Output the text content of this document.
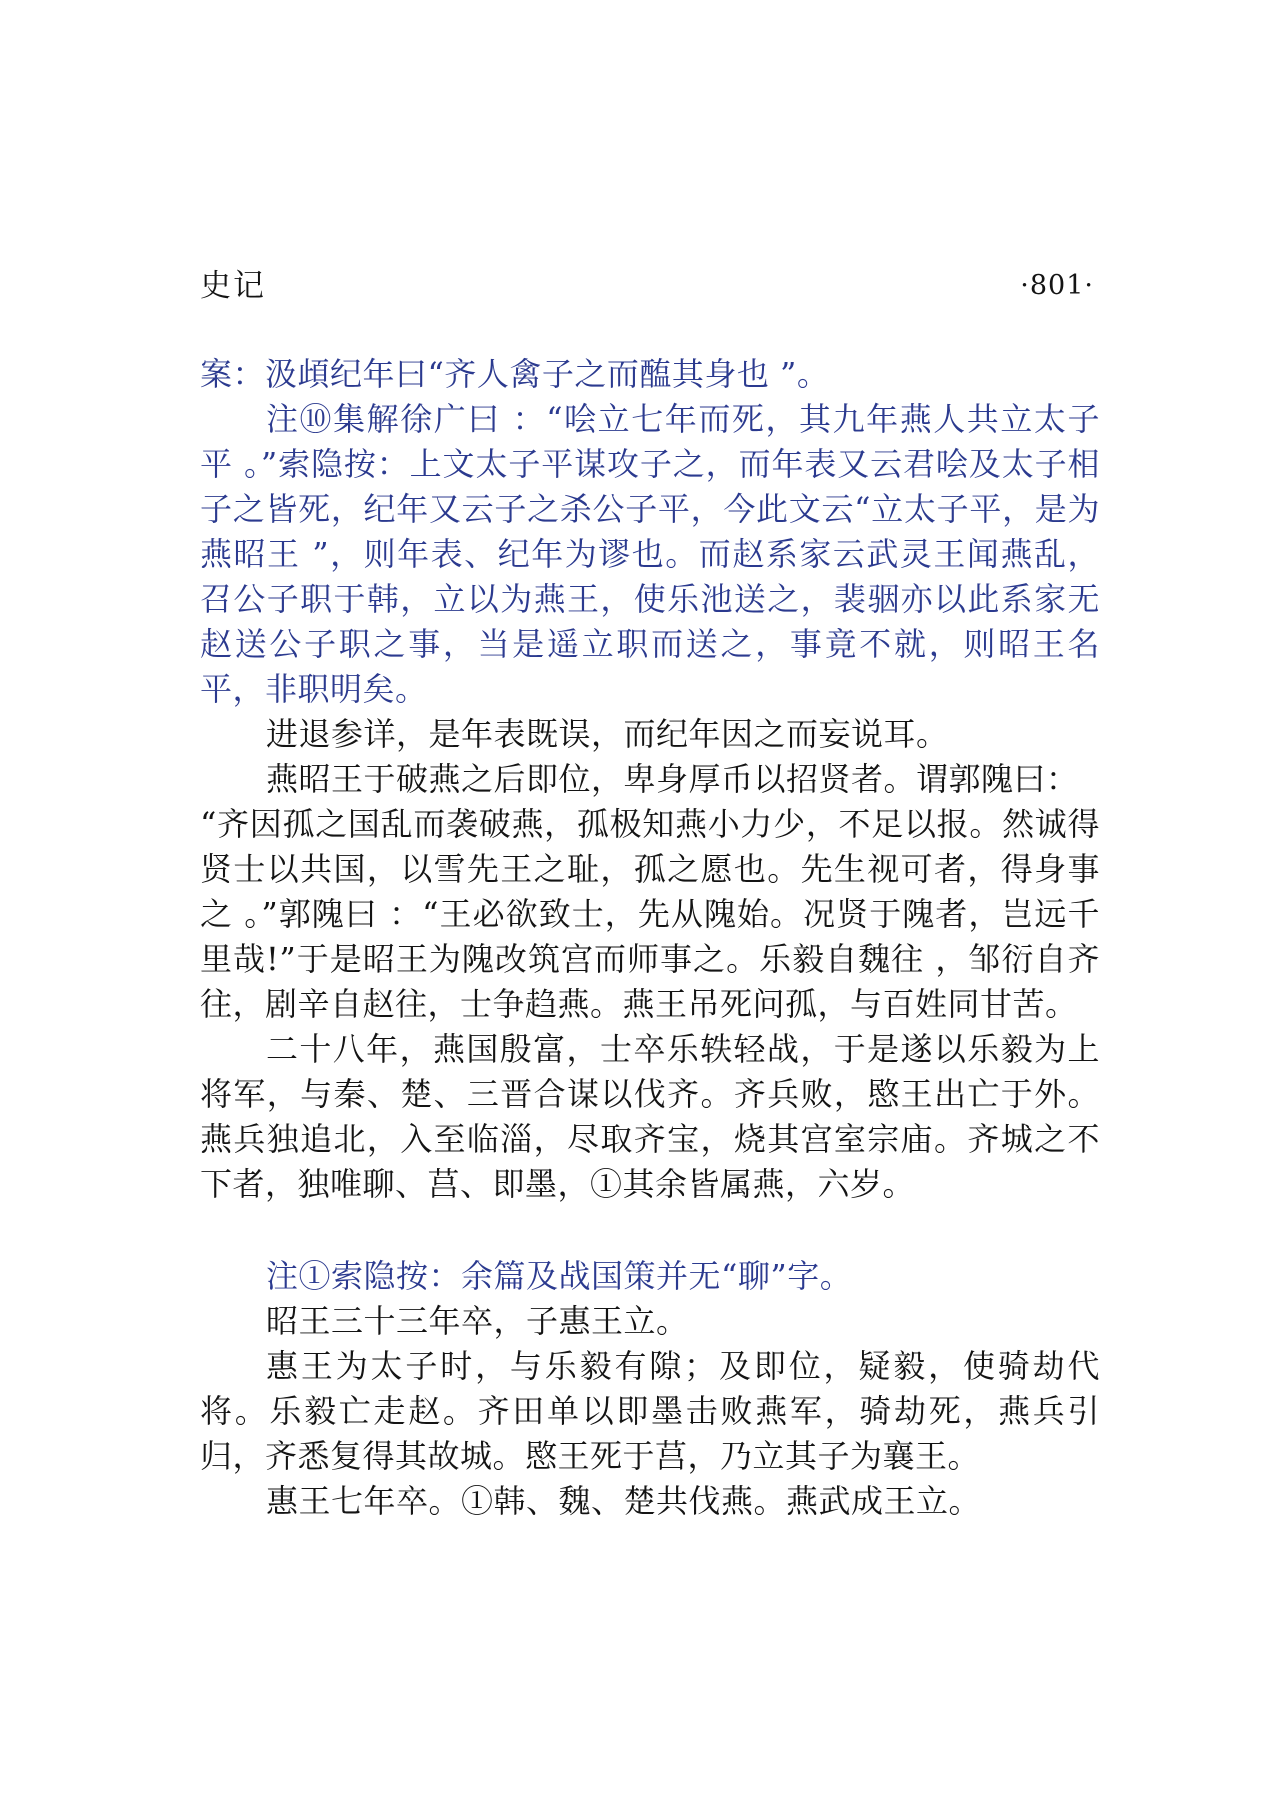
史记	·801·

案：汲頉纪年曰“齐人禽子之而醢其身也 ”。

注⑩集解徐广曰 ：“哙立七年而死，其九年燕人共立太子平 。”索隐按：上文太子平谋攻子之，而年表又云君哙及太子相子之皆死，纪年又云子之杀公子平，今此文云“立太子平，是为燕昭王 ”，则年表、纪年为谬也。而赵系家云武灵王闻燕乱，召公子职于韩，立以为燕王，使乐池送之，裴骃亦以此系家无赵送公子职之事，当是遥立职而送之，事竟不就，则昭王名平，非职明矣。

进退参详，是年表既误，而纪年因之而妄说耳。

燕昭王于破燕之后即位，卑身厚币以招贤者。谓郭隗曰：

“齐因孤之国乱而袭破燕，孤极知燕小力少，不足以报。然诚得贤士以共国，以雪先王之耻，孤之愿也。先生视可者，得身事之 。”郭隗曰 ：“王必欲致士，先从隗始。况贤于隗者，岂远千里哉!”于是昭王为隗改筑宫而师事之。乐毅自魏往 ，邹衍自齐往，剧辛自赵往，士争趋燕。燕王吊死问孤，与百姓同甘苦。

二十八年，燕国殷富，士卒乐轶轻战，于是遂以乐毅为上将军，与秦、楚、三晋合谋以伐齐。齐兵败，愍王出亡于外。燕兵独追北，入至临淄，尽取齐宝，烧其宫室宗庙。齐城之不下者，独唯聊、莒、即墨，①其余皆属燕，六岁。

注①索隐按：余篇及战国策并无“聊”字。

昭王三十三年卒，子惠王立。

惠王为太子时，与乐毅有隙；及即位，疑毅，使骑劫代将。乐毅亡走赵。齐田单以即墨击败燕军，骑劫死，燕兵引归，齐悉复得其故城。愍王死于莒，乃立其子为襄王。

惠王七年卒。①韩、魏、楚共伐燕。燕武成王立。
